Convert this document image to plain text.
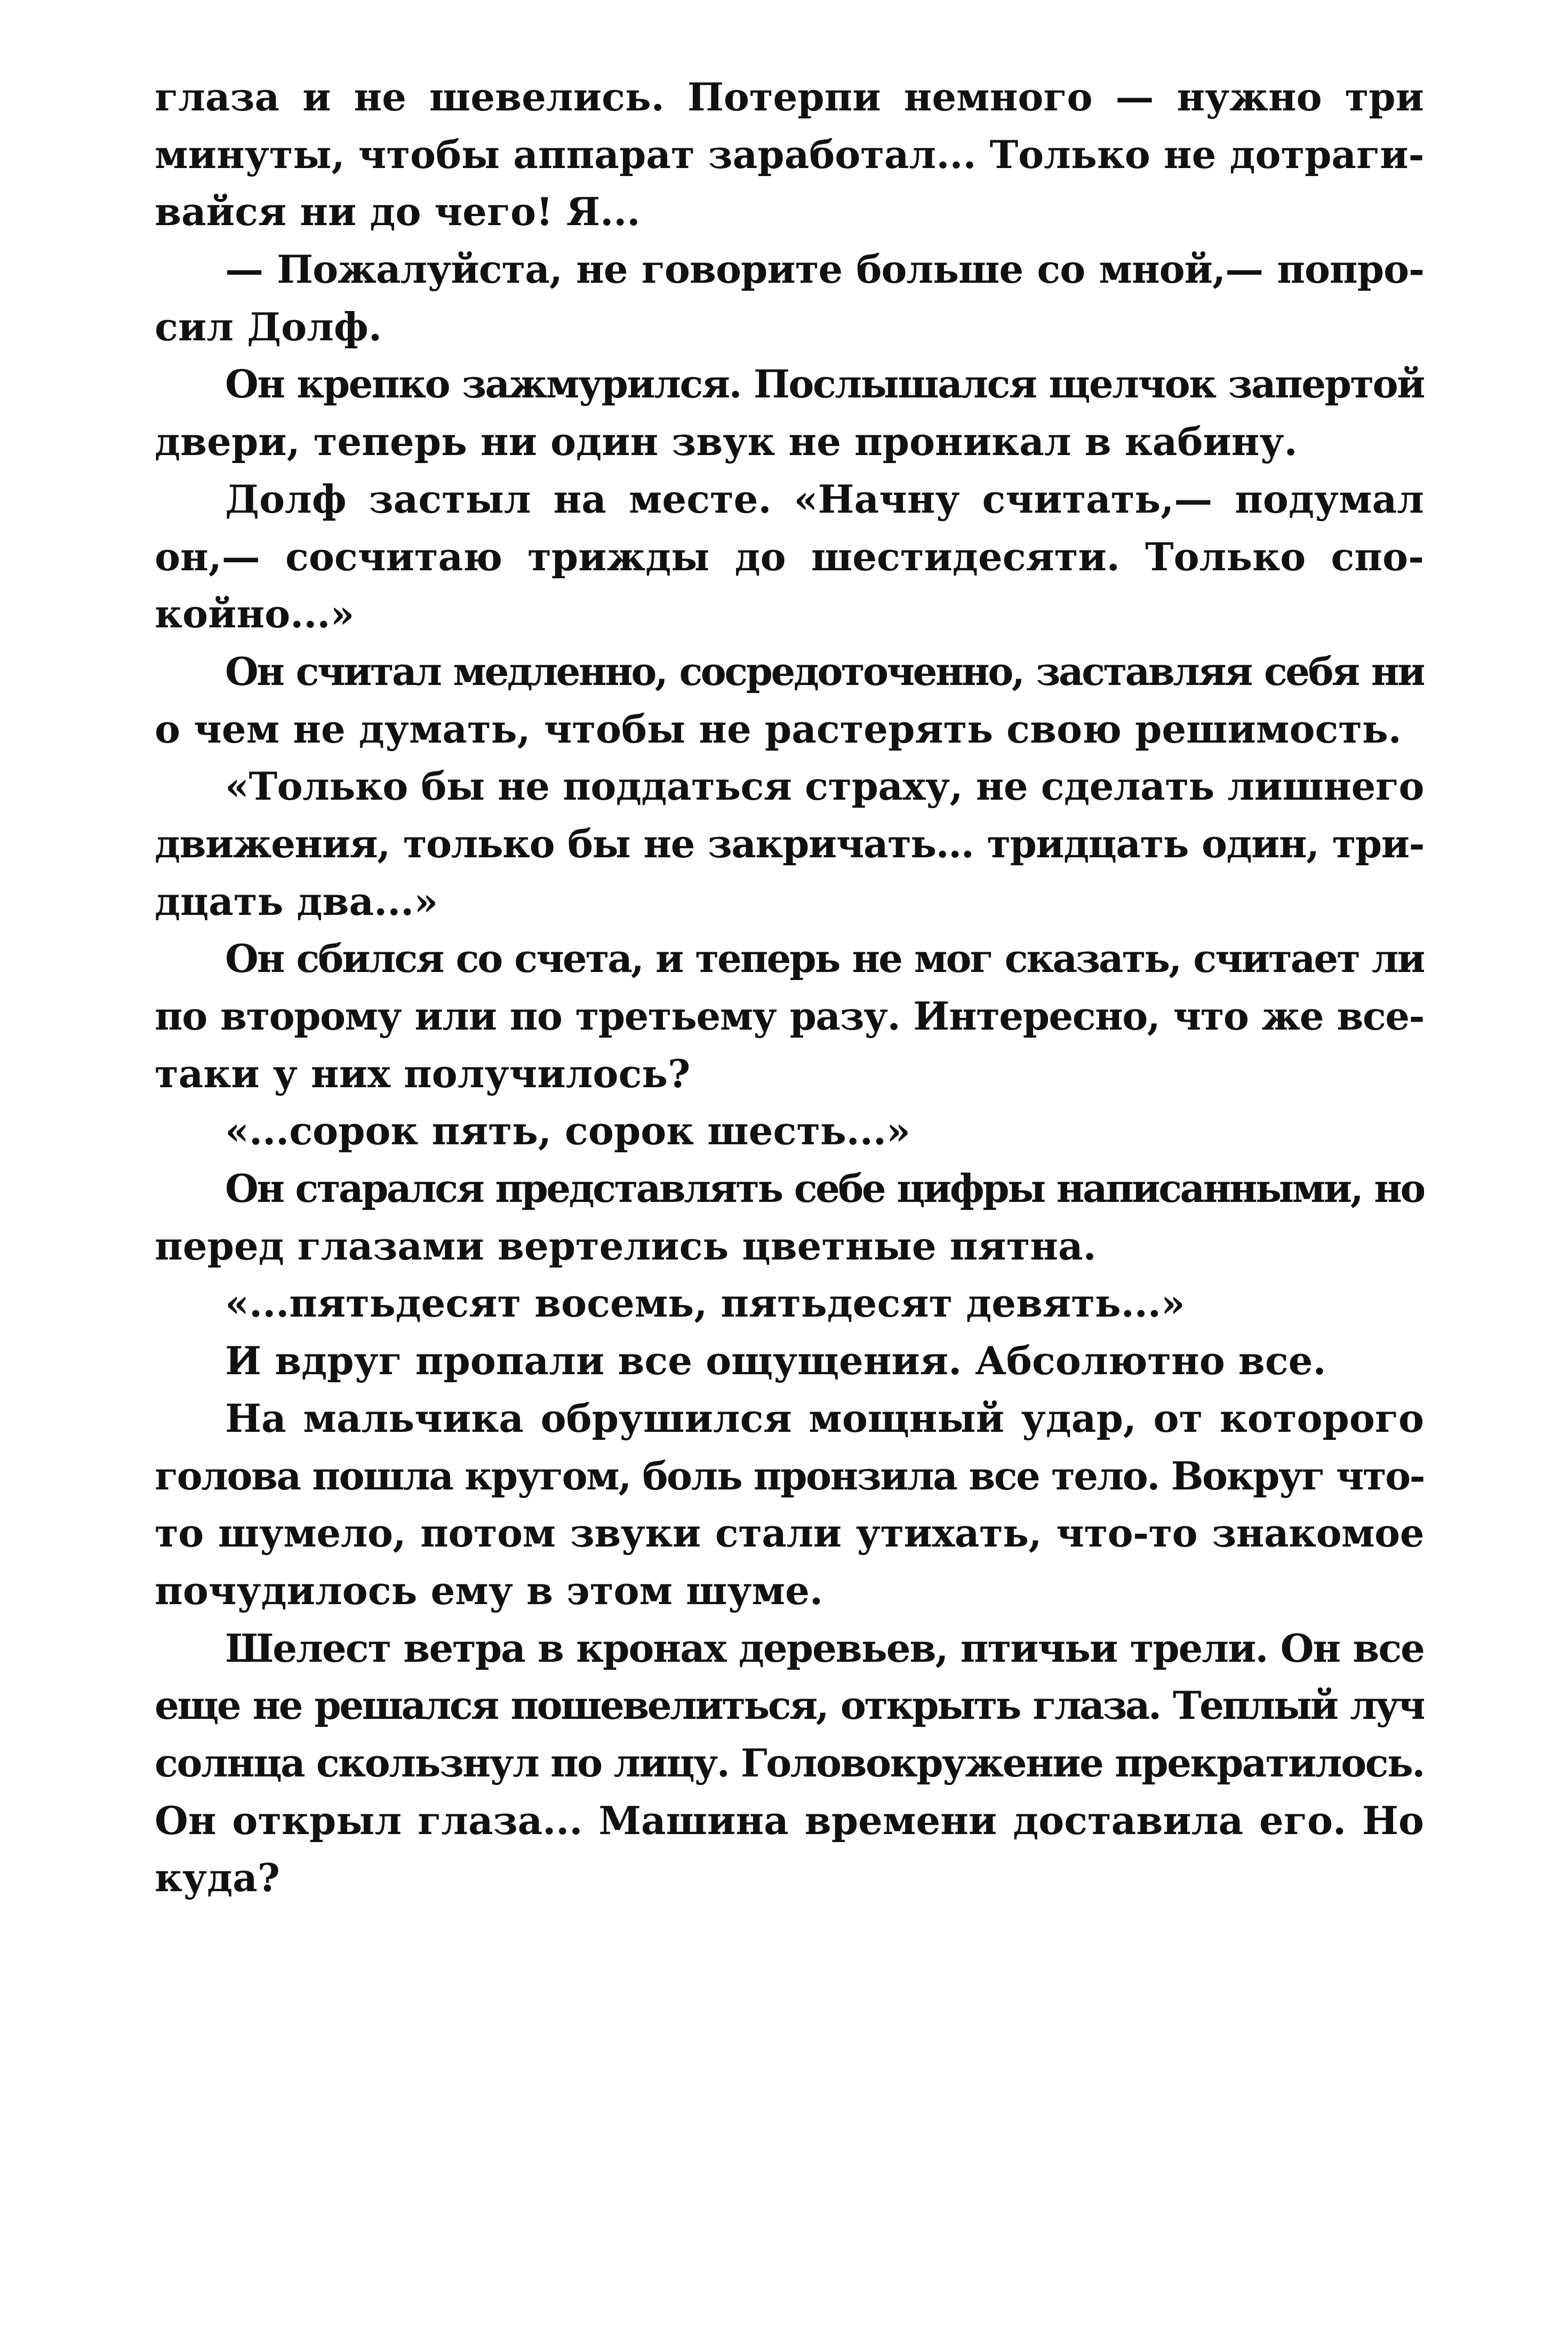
глаза и не шевелись. Потерпи немного — нужно три
минуты, чтобы аппарат заработал... Только не дотраги-
вайся ни до чего! Я...
— Пожалуйста, не говорите больше со мной,— попро-
сил Долф.
Он крепко зажмурился. Послышался щелчок запертой
двери, теперь ни один звук не проникал в кабину.
Долф застыл на месте. «Начну считать,— подумал
он,— сосчитаю трижды до шестидесяти. Только спо-
койно...»
Он считал медленно, сосредоточенно, заставляя себя ни
о чем не думать, чтобы не растерять свою решимость.
«Только бы не поддаться страху, не сделать лишнего
движения, только бы не закричать... тридцать один, три-
дцать два...»
Он сбился со счета, и теперь не мог сказать, считает ли
по второму или по третьему разу. Интересно, что же все-
таки у них получилось?
«...сорок пять, сорок шесть...»
Он старался представлять себе цифры написанными, но
перед глазами вертелись цветные пятна.
«...пятьдесят восемь, пятьдесят девять...»
И вдруг пропали все ощущения. Абсолютно все.
На мальчика обрушился мощный удар, от которого
голова пошла кругом, боль пронзила все тело. Вокруг что-
то шумело, потом звуки стали утихать, что-то знакомое
почудилось ему в этом шуме.
Шелест ветра в кронах деревьев, птичьи трели. Он все
еще не решался пошевелиться, открыть глаза. Теплый луч
солнца скользнул по лицу. Головокружение прекратилось.
Он открыл глаза... Машина времени доставила его. Но
куда?
